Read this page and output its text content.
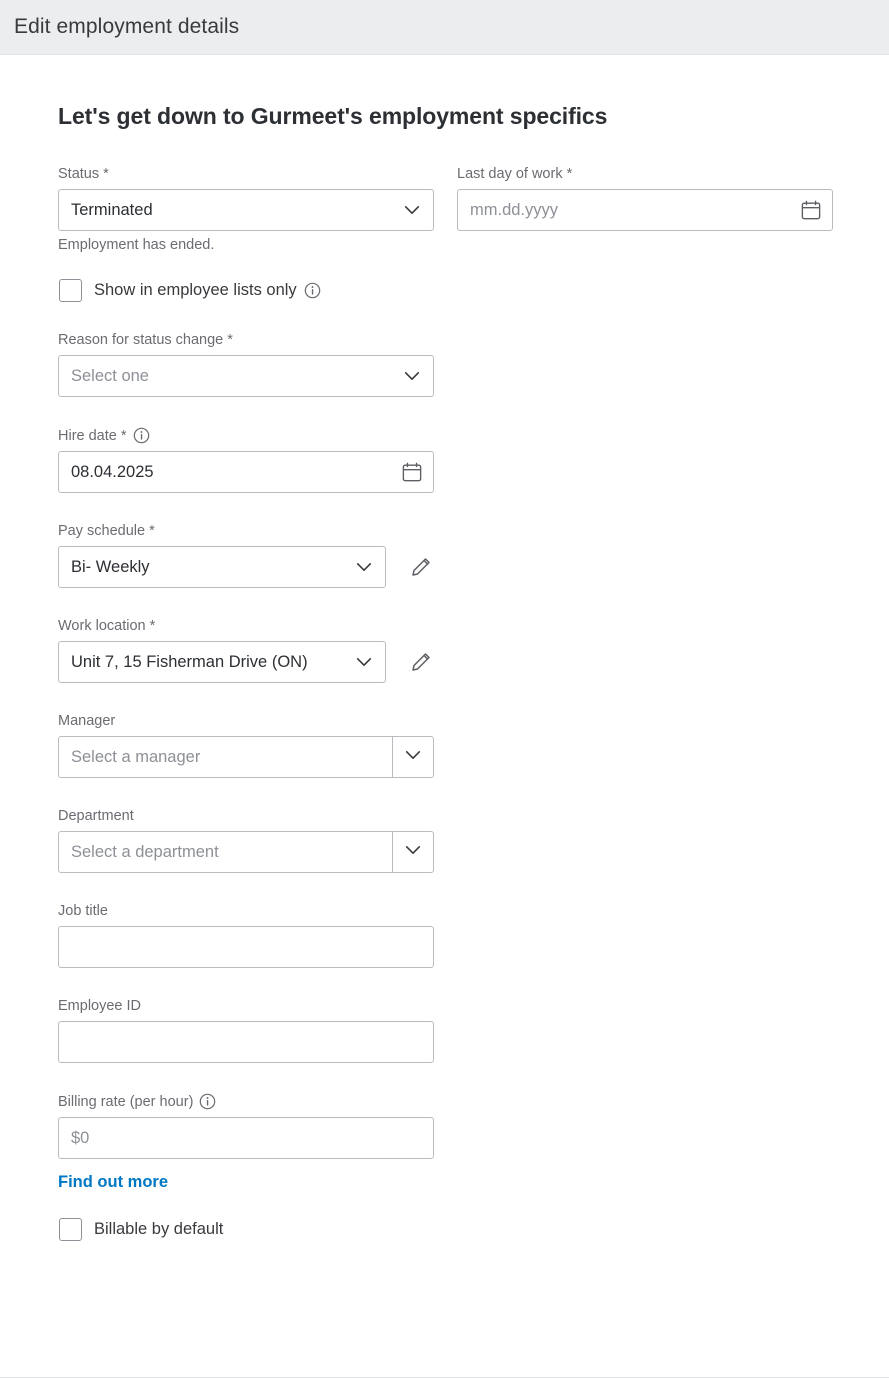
Edit employment details
Let's get down to Gurmeet's employment specifics
Status *
Terminated
Employment has ended.
Last day of work *
mm.dd.yyyy
Show in employee lists only
Reason for status change *
Select one
Hire date *
08.04.2025
Pay schedule *
Bi- Weekly
Work location *
Unit 7, 15 Fisherman Drive (ON)
Manager
Select a manager
Department
Select a department
Job title
Employee ID
Billing rate (per hour)
$0
Find out more
Billable by default
